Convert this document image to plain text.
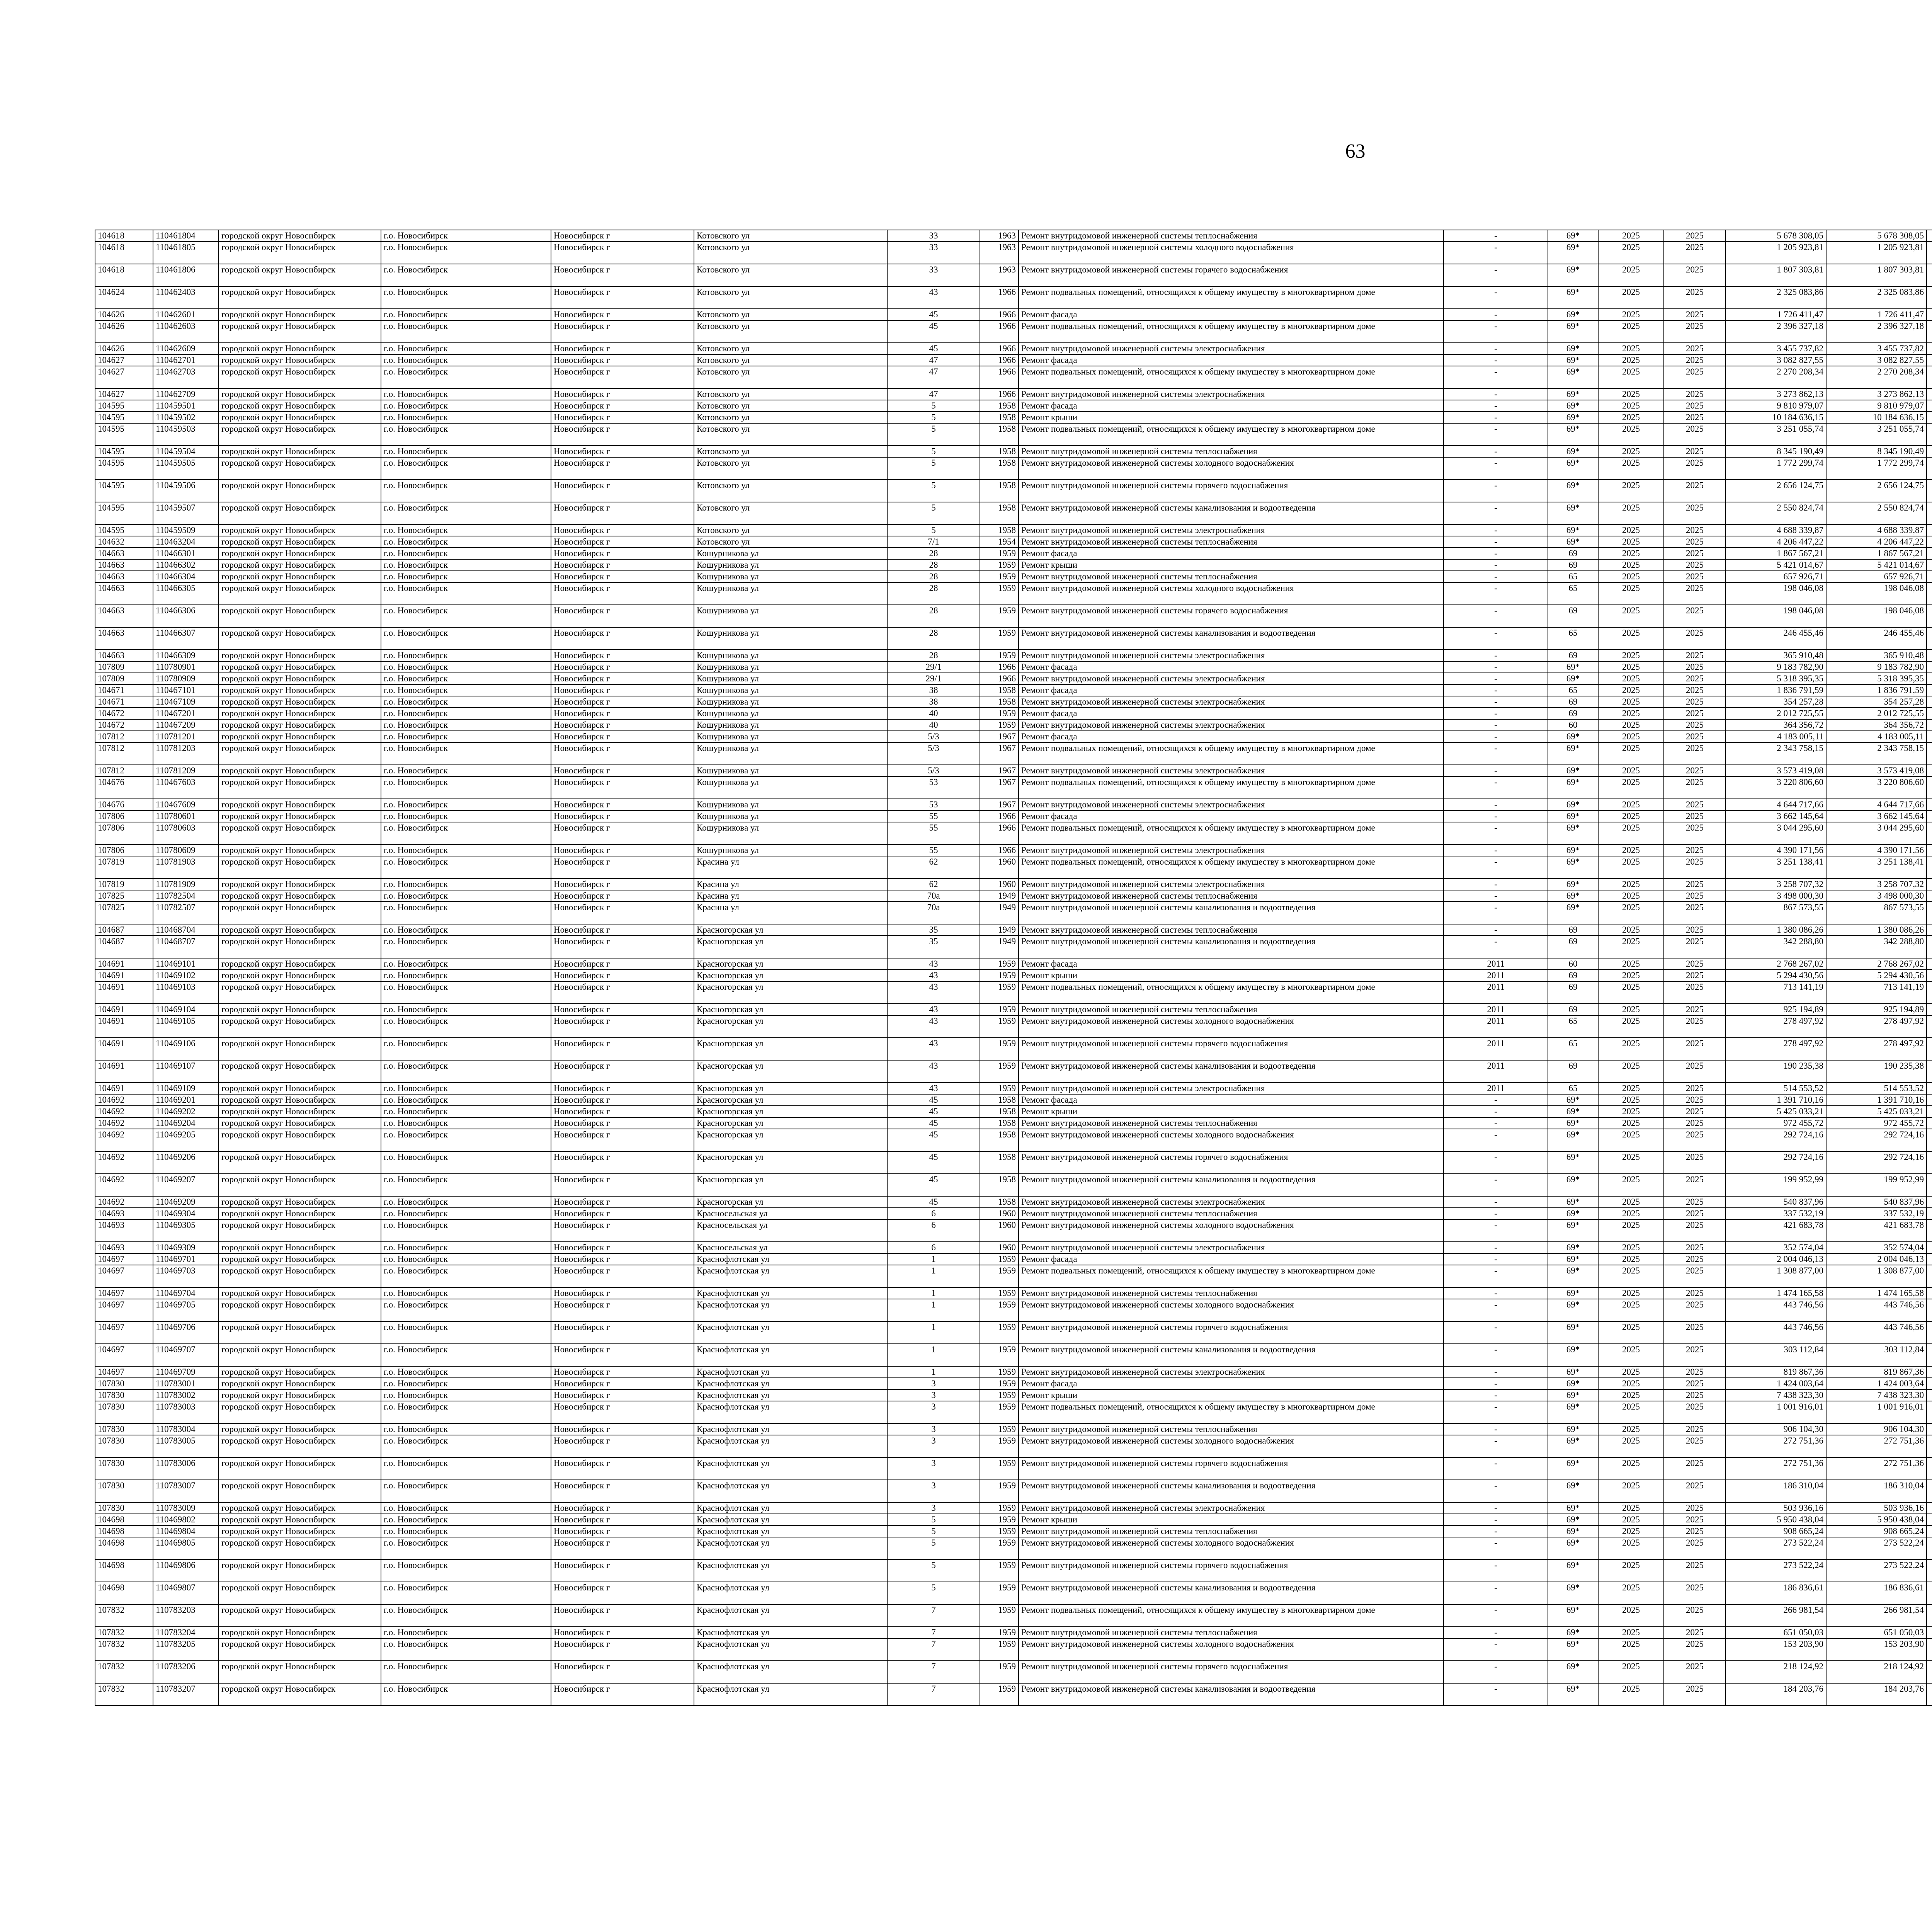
63
104618	110461804	городской округ Новосибирск	г.о. Новосибирск	Новосибирск г	Котовского ул	33	1963	Ремонт внутридомовой инженерной системы теплоснабжения	-	69*	2025	2025	5 678 308,05	5 678 308,05					
104618	110461805	городской округ Новосибирск	г.о. Новосибирск	Новосибирск г	Котовского ул	33	1963	Ремонт внутридомовой инженерной системы холодного водоснабжения	-	69*	2025	2025	1 205 923,81	1 205 923,81					
104618	110461806	городской округ Новосибирск	г.о. Новосибирск	Новосибирск г	Котовского ул	33	1963	Ремонт внутридомовой инженерной системы горячего водоснабжения	-	69*	2025	2025	1 807 303,81	1 807 303,81					
104624	110462403	городской округ Новосибирск	г.о. Новосибирск	Новосибирск г	Котовского ул	43	1966	Ремонт подвальных помещений, относящихся к общему имуществу в многоквартирном доме	-	69*	2025	2025	2 325 083,86	2 325 083,86					
104626	110462601	городской округ Новосибирск	г.о. Новосибирск	Новосибирск г	Котовского ул	45	1966	Ремонт фасада	-	69*	2025	2025	1 726 411,47	1 726 411,47					
104626	110462603	городской округ Новосибирск	г.о. Новосибирск	Новосибирск г	Котовского ул	45	1966	Ремонт подвальных помещений, относящихся к общему имуществу в многоквартирном доме	-	69*	2025	2025	2 396 327,18	2 396 327,18					
104626	110462609	городской округ Новосибирск	г.о. Новосибирск	Новосибирск г	Котовского ул	45	1966	Ремонт внутридомовой инженерной системы электроснабжения	-	69*	2025	2025	3 455 737,82	3 455 737,82					
104627	110462701	городской округ Новосибирск	г.о. Новосибирск	Новосибирск г	Котовского ул	47	1966	Ремонт фасада	-	69*	2025	2025	3 082 827,55	3 082 827,55					
104627	110462703	городской округ Новосибирск	г.о. Новосибирск	Новосибирск г	Котовского ул	47	1966	Ремонт подвальных помещений, относящихся к общему имуществу в многоквартирном доме	-	69*	2025	2025	2 270 208,34	2 270 208,34					
104627	110462709	городской округ Новосибирск	г.о. Новосибирск	Новосибирск г	Котовского ул	47	1966	Ремонт внутридомовой инженерной системы электроснабжения	-	69*	2025	2025	3 273 862,13	3 273 862,13					
104595	110459501	городской округ Новосибирск	г.о. Новосибирск	Новосибирск г	Котовского ул	5	1958	Ремонт фасада	-	69*	2025	2025	9 810 979,07	9 810 979,07					
104595	110459502	городской округ Новосибирск	г.о. Новосибирск	Новосибирск г	Котовского ул	5	1958	Ремонт крыши	-	69*	2025	2025	10 184 636,15	10 184 636,15					
104595	110459503	городской округ Новосибирск	г.о. Новосибирск	Новосибирск г	Котовского ул	5	1958	Ремонт подвальных помещений, относящихся к общему имуществу в многоквартирном доме	-	69*	2025	2025	3 251 055,74	3 251 055,74					
104595	110459504	городской округ Новосибирск	г.о. Новосибирск	Новосибирск г	Котовского ул	5	1958	Ремонт внутридомовой инженерной системы теплоснабжения	-	69*	2025	2025	8 345 190,49	8 345 190,49					
104595	110459505	городской округ Новосибирск	г.о. Новосибирск	Новосибирск г	Котовского ул	5	1958	Ремонт внутридомовой инженерной системы холодного водоснабжения	-	69*	2025	2025	1 772 299,74	1 772 299,74					
104595	110459506	городской округ Новосибирск	г.о. Новосибирск	Новосибирск г	Котовского ул	5	1958	Ремонт внутридомовой инженерной системы горячего водоснабжения	-	69*	2025	2025	2 656 124,75	2 656 124,75					
104595	110459507	городской округ Новосибирск	г.о. Новосибирск	Новосибирск г	Котовского ул	5	1958	Ремонт внутридомовой инженерной системы канализования и водоотведения	-	69*	2025	2025	2 550 824,74	2 550 824,74					
104595	110459509	городской округ Новосибирск	г.о. Новосибирск	Новосибирск г	Котовского ул	5	1958	Ремонт внутридомовой инженерной системы электроснабжения	-	69*	2025	2025	4 688 339,87	4 688 339,87					
104632	110463204	городской округ Новосибирск	г.о. Новосибирск	Новосибирск г	Котовского ул	7/1	1954	Ремонт внутридомовой инженерной системы теплоснабжения	-	69*	2025	2025	4 206 447,22	4 206 447,22					
104663	110466301	городской округ Новосибирск	г.о. Новосибирск	Новосибирск г	Кошурникова ул	28	1959	Ремонт фасада	-	69	2025	2025	1 867 567,21	1 867 567,21					
104663	110466302	городской округ Новосибирск	г.о. Новосибирск	Новосибирск г	Кошурникова ул	28	1959	Ремонт крыши	-	69	2025	2025	5 421 014,67	5 421 014,67					
104663	110466304	городской округ Новосибирск	г.о. Новосибирск	Новосибирск г	Кошурникова ул	28	1959	Ремонт внутридомовой инженерной системы теплоснабжения	-	65	2025	2025	657 926,71	657 926,71					
104663	110466305	городской округ Новосибирск	г.о. Новосибирск	Новосибирск г	Кошурникова ул	28	1959	Ремонт внутридомовой инженерной системы холодного водоснабжения	-	65	2025	2025	198 046,08	198 046,08					
104663	110466306	городской округ Новосибирск	г.о. Новосибирск	Новосибирск г	Кошурникова ул	28	1959	Ремонт внутридомовой инженерной системы горячего водоснабжения	-	69	2025	2025	198 046,08	198 046,08					
104663	110466307	городской округ Новосибирск	г.о. Новосибирск	Новосибирск г	Кошурникова ул	28	1959	Ремонт внутридомовой инженерной системы канализования и водоотведения	-	65	2025	2025	246 455,46	246 455,46					
104663	110466309	городской округ Новосибирск	г.о. Новосибирск	Новосибирск г	Кошурникова ул	28	1959	Ремонт внутридомовой инженерной системы электроснабжения	-	69	2025	2025	365 910,48	365 910,48					
107809	110780901	городской округ Новосибирск	г.о. Новосибирск	Новосибирск г	Кошурникова ул	29/1	1966	Ремонт фасада	-	69*	2025	2025	9 183 782,90	9 183 782,90					
107809	110780909	городской округ Новосибирск	г.о. Новосибирск	Новосибирск г	Кошурникова ул	29/1	1966	Ремонт внутридомовой инженерной системы электроснабжения	-	69*	2025	2025	5 318 395,35	5 318 395,35					
104671	110467101	городской округ Новосибирск	г.о. Новосибирск	Новосибирск г	Кошурникова ул	38	1958	Ремонт фасада	-	65	2025	2025	1 836 791,59	1 836 791,59					
104671	110467109	городской округ Новосибирск	г.о. Новосибирск	Новосибирск г	Кошурникова ул	38	1958	Ремонт внутридомовой инженерной системы электроснабжения	-	69	2025	2025	354 257,28	354 257,28					
104672	110467201	городской округ Новосибирск	г.о. Новосибирск	Новосибирск г	Кошурникова ул	40	1959	Ремонт фасада	-	69	2025	2025	2 012 725,55	2 012 725,55					
104672	110467209	городской округ Новосибирск	г.о. Новосибирск	Новосибирск г	Кошурникова ул	40	1959	Ремонт внутридомовой инженерной системы электроснабжения	-	60	2025	2025	364 356,72	364 356,72					
107812	110781201	городской округ Новосибирск	г.о. Новосибирск	Новосибирск г	Кошурникова ул	5/3	1967	Ремонт фасада	-	69*	2025	2025	4 183 005,11	4 183 005,11					
107812	110781203	городской округ Новосибирск	г.о. Новосибирск	Новосибирск г	Кошурникова ул	5/3	1967	Ремонт подвальных помещений, относящихся к общему имуществу в многоквартирном доме	-	69*	2025	2025	2 343 758,15	2 343 758,15					
107812	110781209	городской округ Новосибирск	г.о. Новосибирск	Новосибирск г	Кошурникова ул	5/3	1967	Ремонт внутридомовой инженерной системы электроснабжения	-	69*	2025	2025	3 573 419,08	3 573 419,08					
104676	110467603	городской округ Новосибирск	г.о. Новосибирск	Новосибирск г	Кошурникова ул	53	1967	Ремонт подвальных помещений, относящихся к общему имуществу в многоквартирном доме	-	69*	2025	2025	3 220 806,60	3 220 806,60					
104676	110467609	городской округ Новосибирск	г.о. Новосибирск	Новосибирск г	Кошурникова ул	53	1967	Ремонт внутридомовой инженерной системы электроснабжения	-	69*	2025	2025	4 644 717,66	4 644 717,66					
107806	110780601	городской округ Новосибирск	г.о. Новосибирск	Новосибирск г	Кошурникова ул	55	1966	Ремонт фасада	-	69*	2025	2025	3 662 145,64	3 662 145,64					
107806	110780603	городской округ Новосибирск	г.о. Новосибирск	Новосибирск г	Кошурникова ул	55	1966	Ремонт подвальных помещений, относящихся к общему имуществу в многоквартирном доме	-	69*	2025	2025	3 044 295,60	3 044 295,60					
107806	110780609	городской округ Новосибирск	г.о. Новосибирск	Новосибирск г	Кошурникова ул	55	1966	Ремонт внутридомовой инженерной системы электроснабжения	-	69*	2025	2025	4 390 171,56	4 390 171,56					
107819	110781903	городской округ Новосибирск	г.о. Новосибирск	Новосибирск г	Красина ул	62	1960	Ремонт подвальных помещений, относящихся к общему имуществу в многоквартирном доме	-	69*	2025	2025	3 251 138,41	3 251 138,41					
107819	110781909	городской округ Новосибирск	г.о. Новосибирск	Новосибирск г	Красина ул	62	1960	Ремонт внутридомовой инженерной системы электроснабжения	-	69*	2025	2025	3 258 707,32	3 258 707,32					
107825	110782504	городской округ Новосибирск	г.о. Новосибирск	Новосибирск г	Красина ул	70а	1949	Ремонт внутридомовой инженерной системы теплоснабжения	-	69*	2025	2025	3 498 000,30	3 498 000,30					
107825	110782507	городской округ Новосибирск	г.о. Новосибирск	Новосибирск г	Красина ул	70а	1949	Ремонт внутридомовой инженерной системы канализования и водоотведения	-	69*	2025	2025	867 573,55	867 573,55					
104687	110468704	городской округ Новосибирск	г.о. Новосибирск	Новосибирск г	Красногорская ул	35	1949	Ремонт внутридомовой инженерной системы теплоснабжения	-	69	2025	2025	1 380 086,26	1 380 086,26					
104687	110468707	городской округ Новосибирск	г.о. Новосибирск	Новосибирск г	Красногорская ул	35	1949	Ремонт внутридомовой инженерной системы канализования и водоотведения	-	69	2025	2025	342 288,80	342 288,80					
104691	110469101	городской округ Новосибирск	г.о. Новосибирск	Новосибирск г	Красногорская ул	43	1959	Ремонт фасада	2011	60	2025	2025	2 768 267,02	2 768 267,02					
104691	110469102	городской округ Новосибирск	г.о. Новосибирск	Новосибирск г	Красногорская ул	43	1959	Ремонт крыши	2011	69	2025	2025	5 294 430,56	5 294 430,56					
104691	110469103	городской округ Новосибирск	г.о. Новосибирск	Новосибирск г	Красногорская ул	43	1959	Ремонт подвальных помещений, относящихся к общему имуществу в многоквартирном доме	2011	69	2025	2025	713 141,19	713 141,19					
104691	110469104	городской округ Новосибирск	г.о. Новосибирск	Новосибирск г	Красногорская ул	43	1959	Ремонт внутридомовой инженерной системы теплоснабжения	2011	69	2025	2025	925 194,89	925 194,89					
104691	110469105	городской округ Новосибирск	г.о. Новосибирск	Новосибирск г	Красногорская ул	43	1959	Ремонт внутридомовой инженерной системы холодного водоснабжения	2011	65	2025	2025	278 497,92	278 497,92					
104691	110469106	городской округ Новосибирск	г.о. Новосибирск	Новосибирск г	Красногорская ул	43	1959	Ремонт внутридомовой инженерной системы горячего водоснабжения	2011	65	2025	2025	278 497,92	278 497,92					
104691	110469107	городской округ Новосибирск	г.о. Новосибирск	Новосибирск г	Красногорская ул	43	1959	Ремонт внутридомовой инженерной системы канализования и водоотведения	2011	69	2025	2025	190 235,38	190 235,38					
104691	110469109	городской округ Новосибирск	г.о. Новосибирск	Новосибирск г	Красногорская ул	43	1959	Ремонт внутридомовой инженерной системы электроснабжения	2011	65	2025	2025	514 553,52	514 553,52					
104692	110469201	городской округ Новосибирск	г.о. Новосибирск	Новосибирск г	Красногорская ул	45	1958	Ремонт фасада	-	69*	2025	2025	1 391 710,16	1 391 710,16					
104692	110469202	городской округ Новосибирск	г.о. Новосибирск	Новосибирск г	Красногорская ул	45	1958	Ремонт крыши	-	69*	2025	2025	5 425 033,21	5 425 033,21					
104692	110469204	городской округ Новосибирск	г.о. Новосибирск	Новосибирск г	Красногорская ул	45	1958	Ремонт внутридомовой инженерной системы теплоснабжения	-	69*	2025	2025	972 455,72	972 455,72					
104692	110469205	городской округ Новосибирск	г.о. Новосибирск	Новосибирск г	Красногорская ул	45	1958	Ремонт внутридомовой инженерной системы холодного водоснабжения	-	69*	2025	2025	292 724,16	292 724,16					
104692	110469206	городской округ Новосибирск	г.о. Новосибирск	Новосибирск г	Красногорская ул	45	1958	Ремонт внутридомовой инженерной системы горячего водоснабжения	-	69*	2025	2025	292 724,16	292 724,16					
104692	110469207	городской округ Новосибирск	г.о. Новосибирск	Новосибирск г	Красногорская ул	45	1958	Ремонт внутридомовой инженерной системы канализования и водоотведения	-	69*	2025	2025	199 952,99	199 952,99					
104692	110469209	городской округ Новосибирск	г.о. Новосибирск	Новосибирск г	Красногорская ул	45	1958	Ремонт внутридомовой инженерной системы электроснабжения	-	69*	2025	2025	540 837,96	540 837,96					
104693	110469304	городской округ Новосибирск	г.о. Новосибирск	Новосибирск г	Красносельская ул	6	1960	Ремонт внутридомовой инженерной системы теплоснабжения	-	69*	2025	2025	337 532,19	337 532,19					
104693	110469305	городской округ Новосибирск	г.о. Новосибирск	Новосибирск г	Красносельская ул	6	1960	Ремонт внутридомовой инженерной системы холодного водоснабжения	-	69*	2025	2025	421 683,78	421 683,78					
104693	110469309	городской округ Новосибирск	г.о. Новосибирск	Новосибирск г	Красносельская ул	6	1960	Ремонт внутридомовой инженерной системы электроснабжения	-	69*	2025	2025	352 574,04	352 574,04					
104697	110469701	городской округ Новосибирск	г.о. Новосибирск	Новосибирск г	Краснофлотская ул	1	1959	Ремонт фасада	-	69*	2025	2025	2 004 046,13	2 004 046,13					
104697	110469703	городской округ Новосибирск	г.о. Новосибирск	Новосибирск г	Краснофлотская ул	1	1959	Ремонт подвальных помещений, относящихся к общему имуществу в многоквартирном доме	-	69*	2025	2025	1 308 877,00	1 308 877,00					
104697	110469704	городской округ Новосибирск	г.о. Новосибирск	Новосибирск г	Краснофлотская ул	1	1959	Ремонт внутридомовой инженерной системы теплоснабжения	-	69*	2025	2025	1 474 165,58	1 474 165,58					
104697	110469705	городской округ Новосибирск	г.о. Новосибирск	Новосибирск г	Краснофлотская ул	1	1959	Ремонт внутридомовой инженерной системы холодного водоснабжения	-	69*	2025	2025	443 746,56	443 746,56					
104697	110469706	городской округ Новосибирск	г.о. Новосибирск	Новосибирск г	Краснофлотская ул	1	1959	Ремонт внутридомовой инженерной системы горячего водоснабжения	-	69*	2025	2025	443 746,56	443 746,56					
104697	110469707	городской округ Новосибирск	г.о. Новосибирск	Новосибирск г	Краснофлотская ул	1	1959	Ремонт внутридомовой инженерной системы канализования и водоотведения	-	69*	2025	2025	303 112,84	303 112,84					
104697	110469709	городской округ Новосибирск	г.о. Новосибирск	Новосибирск г	Краснофлотская ул	1	1959	Ремонт внутридомовой инженерной системы электроснабжения	-	69*	2025	2025	819 867,36	819 867,36					
107830	110783001	городской округ Новосибирск	г.о. Новосибирск	Новосибирск г	Краснофлотская ул	3	1959	Ремонт фасада	-	69*	2025	2025	1 424 003,64	1 424 003,64					
107830	110783002	городской округ Новосибирск	г.о. Новосибирск	Новосибирск г	Краснофлотская ул	3	1959	Ремонт крыши	-	69*	2025	2025	7 438 323,30	7 438 323,30					
107830	110783003	городской округ Новосибирск	г.о. Новосибирск	Новосибирск г	Краснофлотская ул	3	1959	Ремонт подвальных помещений, относящихся к общему имуществу в многоквартирном доме	-	69*	2025	2025	1 001 916,01	1 001 916,01					
107830	110783004	городской округ Новосибирск	г.о. Новосибирск	Новосибирск г	Краснофлотская ул	3	1959	Ремонт внутридомовой инженерной системы теплоснабжения	-	69*	2025	2025	906 104,30	906 104,30					
107830	110783005	городской округ Новосибирск	г.о. Новосибирск	Новосибирск г	Краснофлотская ул	3	1959	Ремонт внутридомовой инженерной системы холодного водоснабжения	-	69*	2025	2025	272 751,36	272 751,36					
107830	110783006	городской округ Новосибирск	г.о. Новосибирск	Новосибирск г	Краснофлотская ул	3	1959	Ремонт внутридомовой инженерной системы горячего водоснабжения	-	69*	2025	2025	272 751,36	272 751,36					
107830	110783007	городской округ Новосибирск	г.о. Новосибирск	Новосибирск г	Краснофлотская ул	3	1959	Ремонт внутридомовой инженерной системы канализования и водоотведения	-	69*	2025	2025	186 310,04	186 310,04					
107830	110783009	городской округ Новосибирск	г.о. Новосибирск	Новосибирск г	Краснофлотская ул	3	1959	Ремонт внутридомовой инженерной системы электроснабжения	-	69*	2025	2025	503 936,16	503 936,16					
104698	110469802	городской округ Новосибирск	г.о. Новосибирск	Новосибирск г	Краснофлотская ул	5	1959	Ремонт крыши	-	69*	2025	2025	5 950 438,04	5 950 438,04					
104698	110469804	городской округ Новосибирск	г.о. Новосибирск	Новосибирск г	Краснофлотская ул	5	1959	Ремонт внутридомовой инженерной системы теплоснабжения	-	69*	2025	2025	908 665,24	908 665,24					
104698	110469805	городской округ Новосибирск	г.о. Новосибирск	Новосибирск г	Краснофлотская ул	5	1959	Ремонт внутридомовой инженерной системы холодного водоснабжения	-	69*	2025	2025	273 522,24	273 522,24					
104698	110469806	городской округ Новосибирск	г.о. Новосибирск	Новосибирск г	Краснофлотская ул	5	1959	Ремонт внутридомовой инженерной системы горячего водоснабжения	-	69*	2025	2025	273 522,24	273 522,24					
104698	110469807	городской округ Новосибирск	г.о. Новосибирск	Новосибирск г	Краснофлотская ул	5	1959	Ремонт внутридомовой инженерной системы канализования и водоотведения	-	69*	2025	2025	186 836,61	186 836,61					
107832	110783203	городской округ Новосибирск	г.о. Новосибирск	Новосибирск г	Краснофлотская ул	7	1959	Ремонт подвальных помещений, относящихся к общему имуществу в многоквартирном доме	-	69*	2025	2025	266 981,54	266 981,54					
107832	110783204	городской округ Новосибирск	г.о. Новосибирск	Новосибирск г	Краснофлотская ул	7	1959	Ремонт внутридомовой инженерной системы теплоснабжения	-	69*	2025	2025	651 050,03	651 050,03					
107832	110783205	городской округ Новосибирск	г.о. Новосибирск	Новосибирск г	Краснофлотская ул	7	1959	Ремонт внутридомовой инженерной системы холодного водоснабжения	-	69*	2025	2025	153 203,90	153 203,90					
107832	110783206	городской округ Новосибирск	г.о. Новосибирск	Новосибирск г	Краснофлотская ул	7	1959	Ремонт внутридомовой инженерной системы горячего водоснабжения	-	69*	2025	2025	218 124,92	218 124,92					
107832	110783207	городской округ Новосибирск	г.о. Новосибирск	Новосибирск г	Краснофлотская ул	7	1959	Ремонт внутридомовой инженерной системы канализования и водоотведения	-	69*	2025	2025	184 203,76	184 203,76					
